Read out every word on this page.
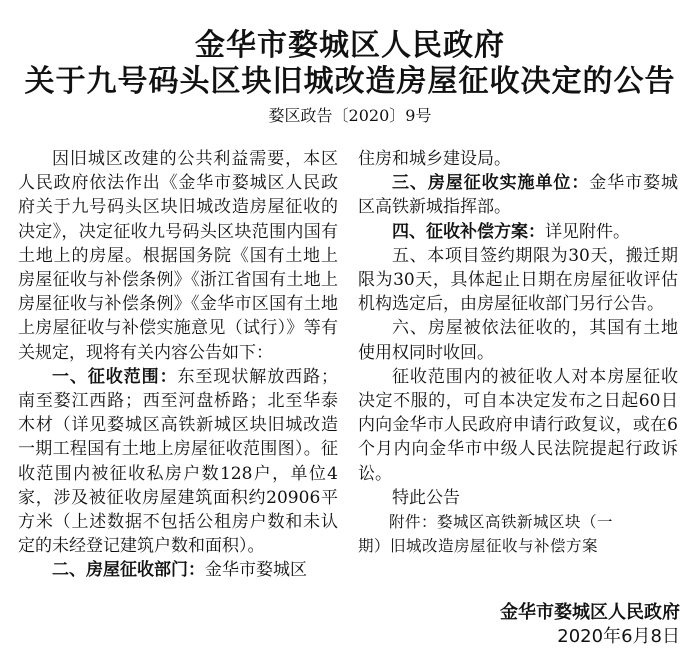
金华市婺城区人民政府
关于九号码头区块旧城改造房屋征收决定的公告
婺区政告〔2020〕9号

因旧城区改建的公共利益需要，本区人民政府依法作出《金华市婺城区人民政府关于九号码头区块旧城改造房屋征收的决定》，决定征收九号码头区块范围内国有土地上的房屋。根据国务院《国有土地上房屋征收与补偿条例》《浙江省国有土地上房屋征收与补偿条例》《金华市区国有土地上房屋征收与补偿实施意见（试行）》等有关规定，现将有关内容公告如下：

一、征收范围：东至现状解放西路；南至婺江西路；西至河盘桥路；北至华泰木材（详见婺城区高铁新城区块旧城改造一期工程国有土地上房屋征收范围图）。征收范围内被征收私房户数128户，单位4家，涉及被征收房屋建筑面积约20906平方米（上述数据不包括公租房户数和未认定的未经登记建筑户数和面积）。

二、房屋征收部门：金华市婺城区

住房和城乡建设局。

三、房屋征收实施单位：金华市婺城区高铁新城指挥部。

四、征收补偿方案：详见附件。

五、本项目签约期限为30天，搬迁期限为30天，具体起止日期在房屋征收评估机构选定后，由房屋征收部门另行公告。

六、房屋被依法征收的，其国有土地使用权同时收回。

征收范围内的被征收人对本房屋征收决定不服的，可自本决定发布之日起60日内向金华市人民政府申请行政复议，或在6个月内向金华市中级人民法院提起行政诉讼。

特此公告

附件：婺城区高铁新城区块（一

期）旧城改造房屋征收与补偿方案

金华市婺城区人民政府
2020年6月8日
